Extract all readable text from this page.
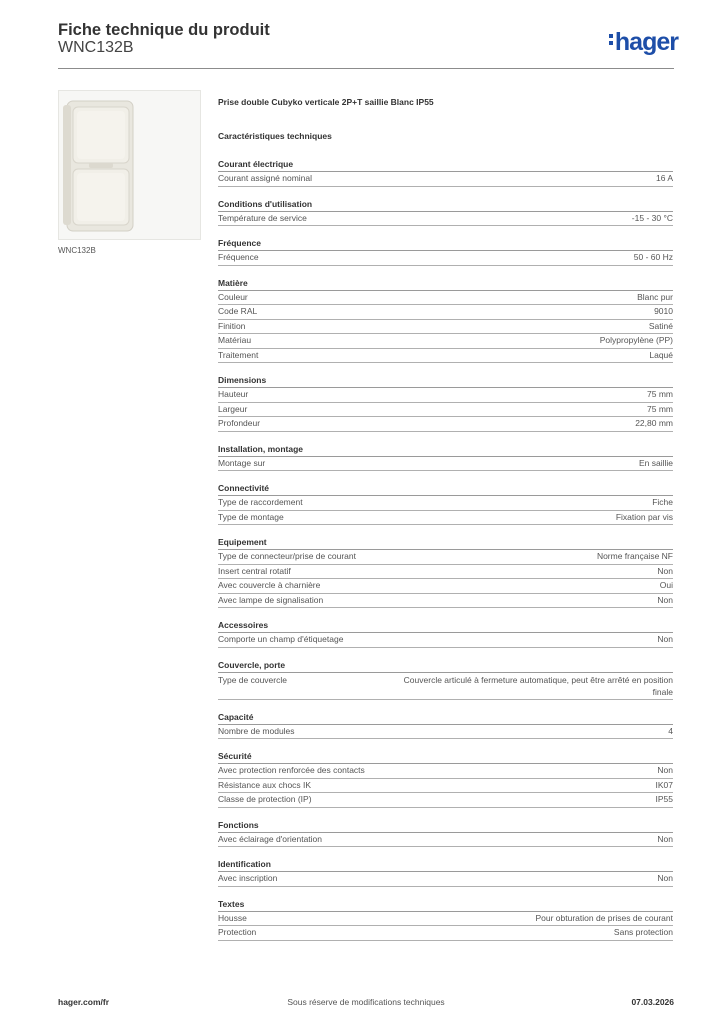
Fiche technique du produit
WNC132B	hager
WNC132B
Prise double Cubyko verticale 2P+T saillie Blanc IP55
Caractéristiques techniques
Courant électrique
Courant assigné nominal	16 A
Conditions d'utilisation
Température de service	-15 - 30 °C
Fréquence
Fréquence	50 - 60 Hz
Matière
Couleur	Blanc pur
Code RAL	9010
Finition	Satiné
Matériau	Polypropylène (PP)
Traitement	Laqué
Dimensions
Hauteur	75 mm
Largeur	75 mm
Profondeur	22,80 mm
Installation, montage
Montage sur	En saillie
Connectivité
Type de raccordement	Fiche
Type de montage	Fixation par vis
Equipement
Type de connecteur/prise de courant	Norme française NF
Insert central rotatif	Non
Avec couvercle à charnière	Oui
Avec lampe de signalisation	Non
Accessoires
Comporte un champ d'étiquetage	Non
Couvercle, porte
Type de couvercle	Couvercle articulé à fermeture automatique, peut être arrêté en position finale
Capacité
Nombre de modules	4
Sécurité
Avec protection renforcée des contacts	Non
Résistance aux chocs IK	IK07
Classe de protection (IP)	IP55
Fonctions
Avec éclairage d'orientation	Non
Identification
Avec inscription	Non
Textes
Housse	Pour obturation de prises de courant
Protection	Sans protection
hager.com/fr	Sous réserve de modifications techniques	07.03.2026
